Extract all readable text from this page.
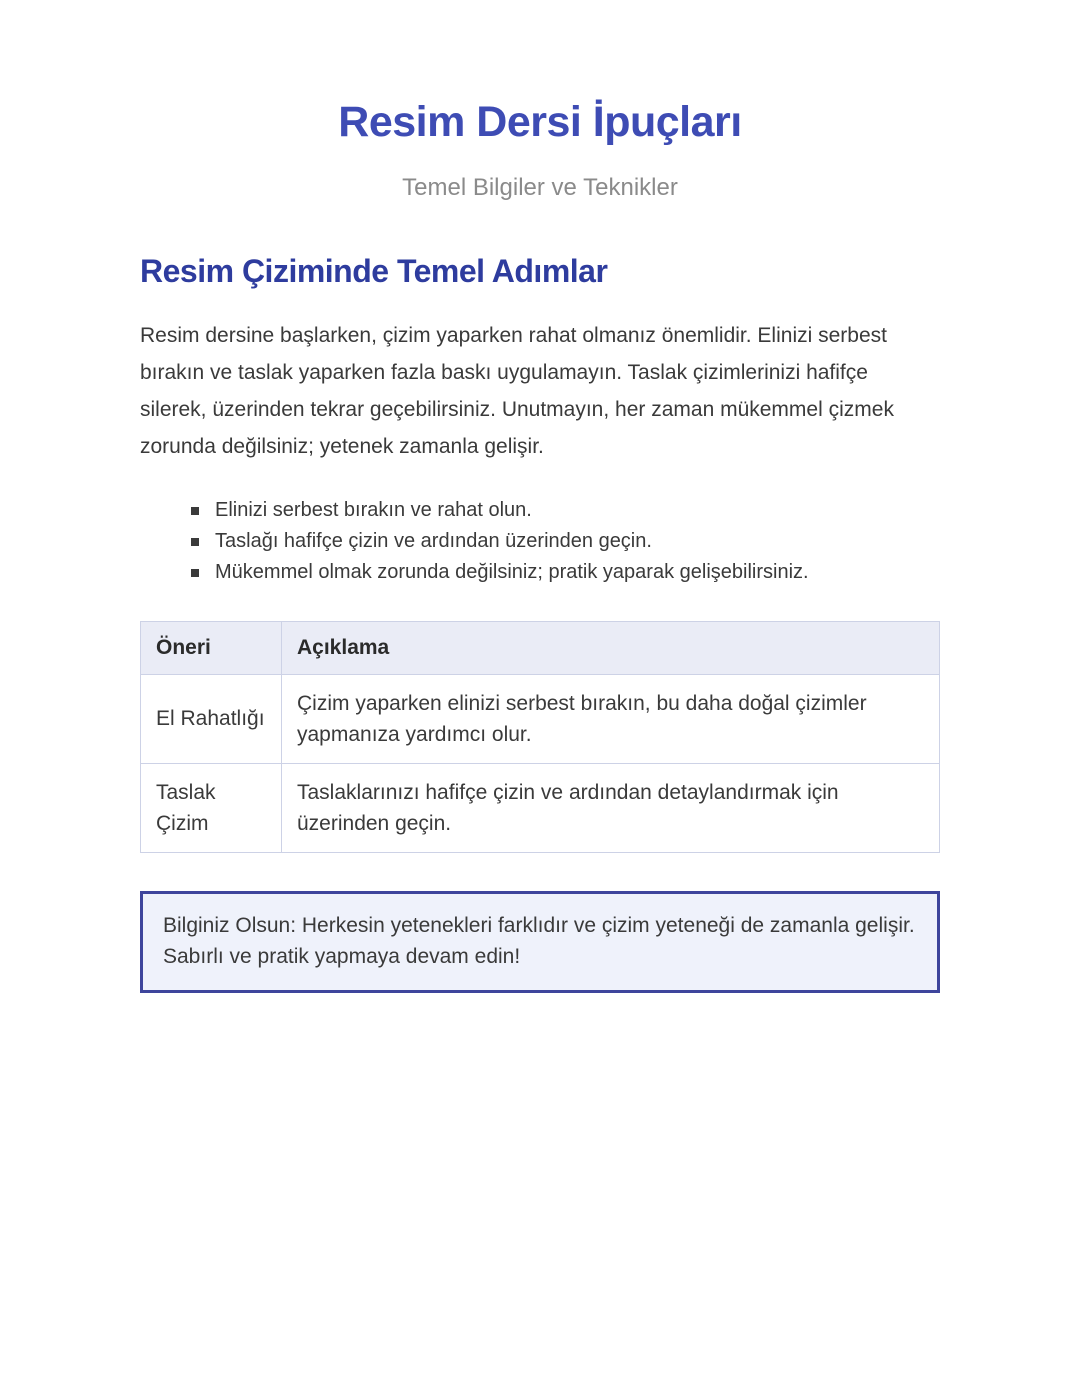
Resim Dersi İpuçları
Temel Bilgiler ve Teknikler
Resim Çiziminde Temel Adımlar

Resim dersine başlarken, çizim yaparken rahat olmanız önemlidir. Elinizi serbest bırakın ve taslak yaparken fazla baskı uygulamayın. Taslak çizimlerinizi hafifçe silerek, üzerinden tekrar geçebilirsiniz. Unutmayın, her zaman mükemmel çizmek zorunda değilsiniz; yetenek zamanla gelişir.

Elinizi serbest bırakın ve rahat olun.
Taslağı hafifçe çizin ve ardından üzerinden geçin.
Mükemmel olmak zorunda değilsiniz; pratik yaparak gelişebilirsiniz.
Öneri	Açıklama
El Rahatlığı	Çizim yaparken elinizi serbest bırakın, bu daha doğal çizimler yapmanıza yardımcı olur.
Taslak Çizim	Taslaklarınızı hafifçe çizin ve ardından detaylandırmak için üzerinden geçin.
Bilginiz Olsun: Herkesin yetenekleri farklıdır ve çizim yeteneği de zamanla gelişir. Sabırlı ve pratik yapmaya devam edin!
